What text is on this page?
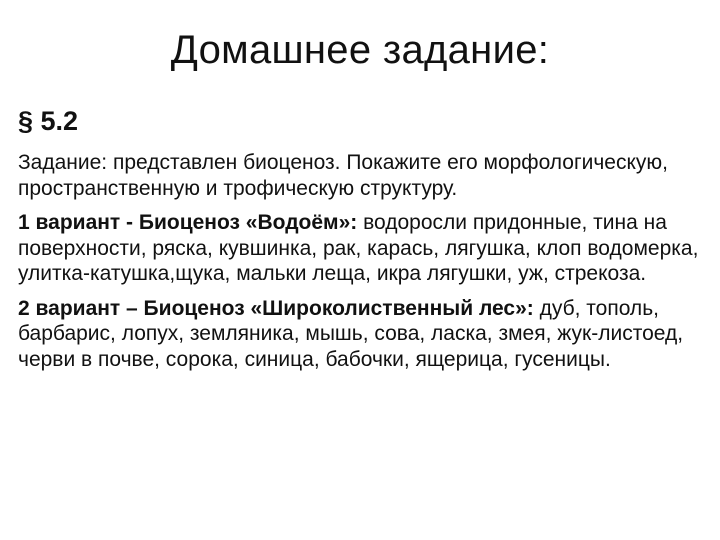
Домашнее задание:
§ 5.2

Задание: представлен биоценоз. Покажите его морфологическую, пространственную и трофическую структуру.

1 вариант - Биоценоз «Водоём»: водоросли придонные, тина на поверхности, ряска, кувшинка, рак, карась, лягушка, клоп водомерка, улитка-катушка,щука, мальки леща, икра лягушки, уж, стрекоза.

2 вариант – Биоценоз «Широколиственный лес»: дуб, тополь, барбарис, лопух, земляника, мышь, сова, ласка, змея, жук-листоед, черви в почве, сорока, синица, бабочки, ящерица, гусеницы.
